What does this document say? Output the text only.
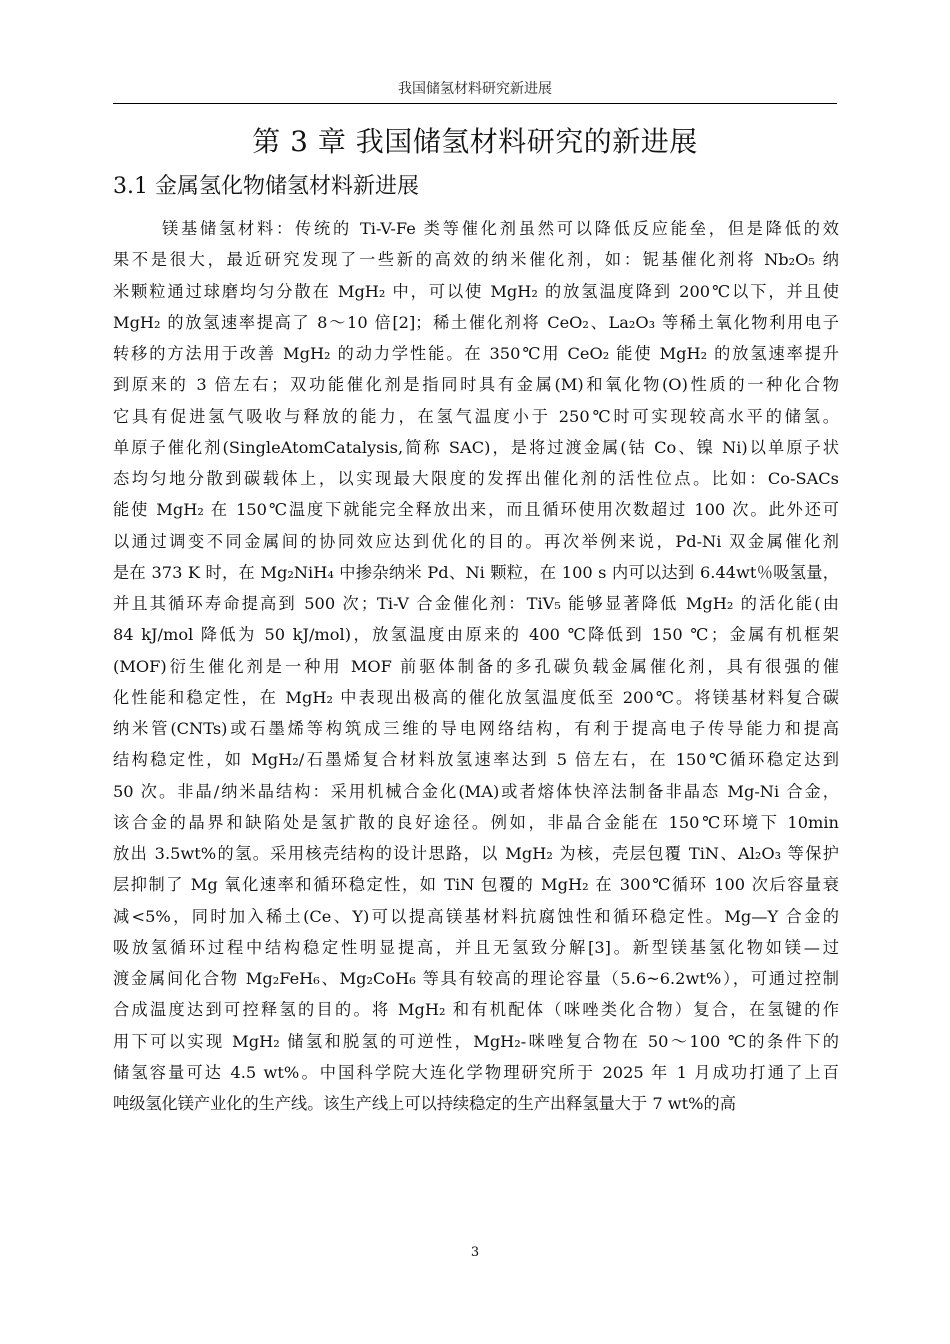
我国储氢材料研究新进展
第 3 章 我国储氢材料研究的新进展
3.1 金属氢化物储氢材料新进展
镁基储氢材料：传统的 Ti-V-Fe 类等催化剂虽然可以降低反应能垒，但是降低的效
果不是很大，最近研究发现了一些新的高效的纳米催化剂，如：铌基催化剂将 Nb₂O₅ 纳
米颗粒通过球磨均匀分散在 MgH₂ 中，可以使 MgH₂ 的放氢温度降到 200℃以下，并且使
MgH₂ 的放氢速率提高了 8～10 倍[2]；稀土催化剂将 CeO₂、La₂O₃ 等稀土氧化物利用电子
转移的方法用于改善 MgH₂ 的动力学性能。在 350℃用 CeO₂ 能使 MgH₂ 的放氢速率提升
到原来的 3 倍左右；双功能催化剂是指同时具有金属(M)和氧化物(O)性质的一种化合物
它具有促进氢气吸收与释放的能力，在氢气温度小于 250℃时可实现较高水平的储氢。
单原子催化剂(SingleAtomCatalysis,简称 SAC)，是将过渡金属(钴 Co、镍 Ni)以单原子状
态均匀地分散到碳载体上，以实现最大限度的发挥出催化剂的活性位点。比如：Co-SACs
能使 MgH₂ 在 150℃温度下就能完全释放出来，而且循环使用次数超过 100 次。此外还可
以通过调变不同金属间的协同效应达到优化的目的。再次举例来说，Pd-Ni 双金属催化剂
是在 373 K 时，在 Mg₂NiH₄ 中掺杂纳米 Pd、Ni 颗粒，在 100 s 内可以达到 6.44wt％吸氢量，
并且其循环寿命提高到 500 次；Ti-V 合金催化剂：TiV₅ 能够显著降低 MgH₂ 的活化能(由
84 kJ/mol 降低为 50 kJ/mol)，放氢温度由原来的 400 ℃降低到 150 ℃；金属有机框架
(MOF)衍生催化剂是一种用 MOF 前驱体制备的多孔碳负载金属催化剂，具有很强的催
化性能和稳定性，在 MgH₂ 中表现出极高的催化放氢温度低至 200℃。将镁基材料复合碳
纳米管(CNTs)或石墨烯等构筑成三维的导电网络结构，有利于提高电子传导能力和提高
结构稳定性，如 MgH₂/石墨烯复合材料放氢速率达到 5 倍左右，在 150℃循环稳定达到
50 次。非晶/纳米晶结构：采用机械合金化(MA)或者熔体快淬法制备非晶态 Mg-Ni 合金，
该合金的晶界和缺陷处是氢扩散的良好途径。例如，非晶合金能在 150℃环境下 10min
放出 3.5wt%的氢。采用核壳结构的设计思路，以 MgH₂ 为核，壳层包覆 TiN、Al₂O₃ 等保护
层抑制了 Mg 氧化速率和循环稳定性，如 TiN 包覆的 MgH₂ 在 300℃循环 100 次后容量衰
减<5%，同时加入稀土(Ce、Y)可以提高镁基材料抗腐蚀性和循环稳定性。Mg—Y 合金的
吸放氢循环过程中结构稳定性明显提高，并且无氢致分解[3]。新型镁基氢化物如镁—过
渡金属间化合物 Mg₂FeH₆、Mg₂CoH₆ 等具有较高的理论容量（5.6~6.2wt%），可通过控制
合成温度达到可控释氢的目的。将 MgH₂ 和有机配体（咪唑类化合物）复合，在氢键的作
用下可以实现 MgH₂ 储氢和脱氢的可逆性，MgH₂-咪唑复合物在 50～100 ℃的条件下的
储氢容量可达 4.5 wt%。中国科学院大连化学物理研究所于 2025 年 1 月成功打通了上百
吨级氢化镁产业化的生产线。该生产线上可以持续稳定的生产出释氢量大于 7 wt%的高
3
